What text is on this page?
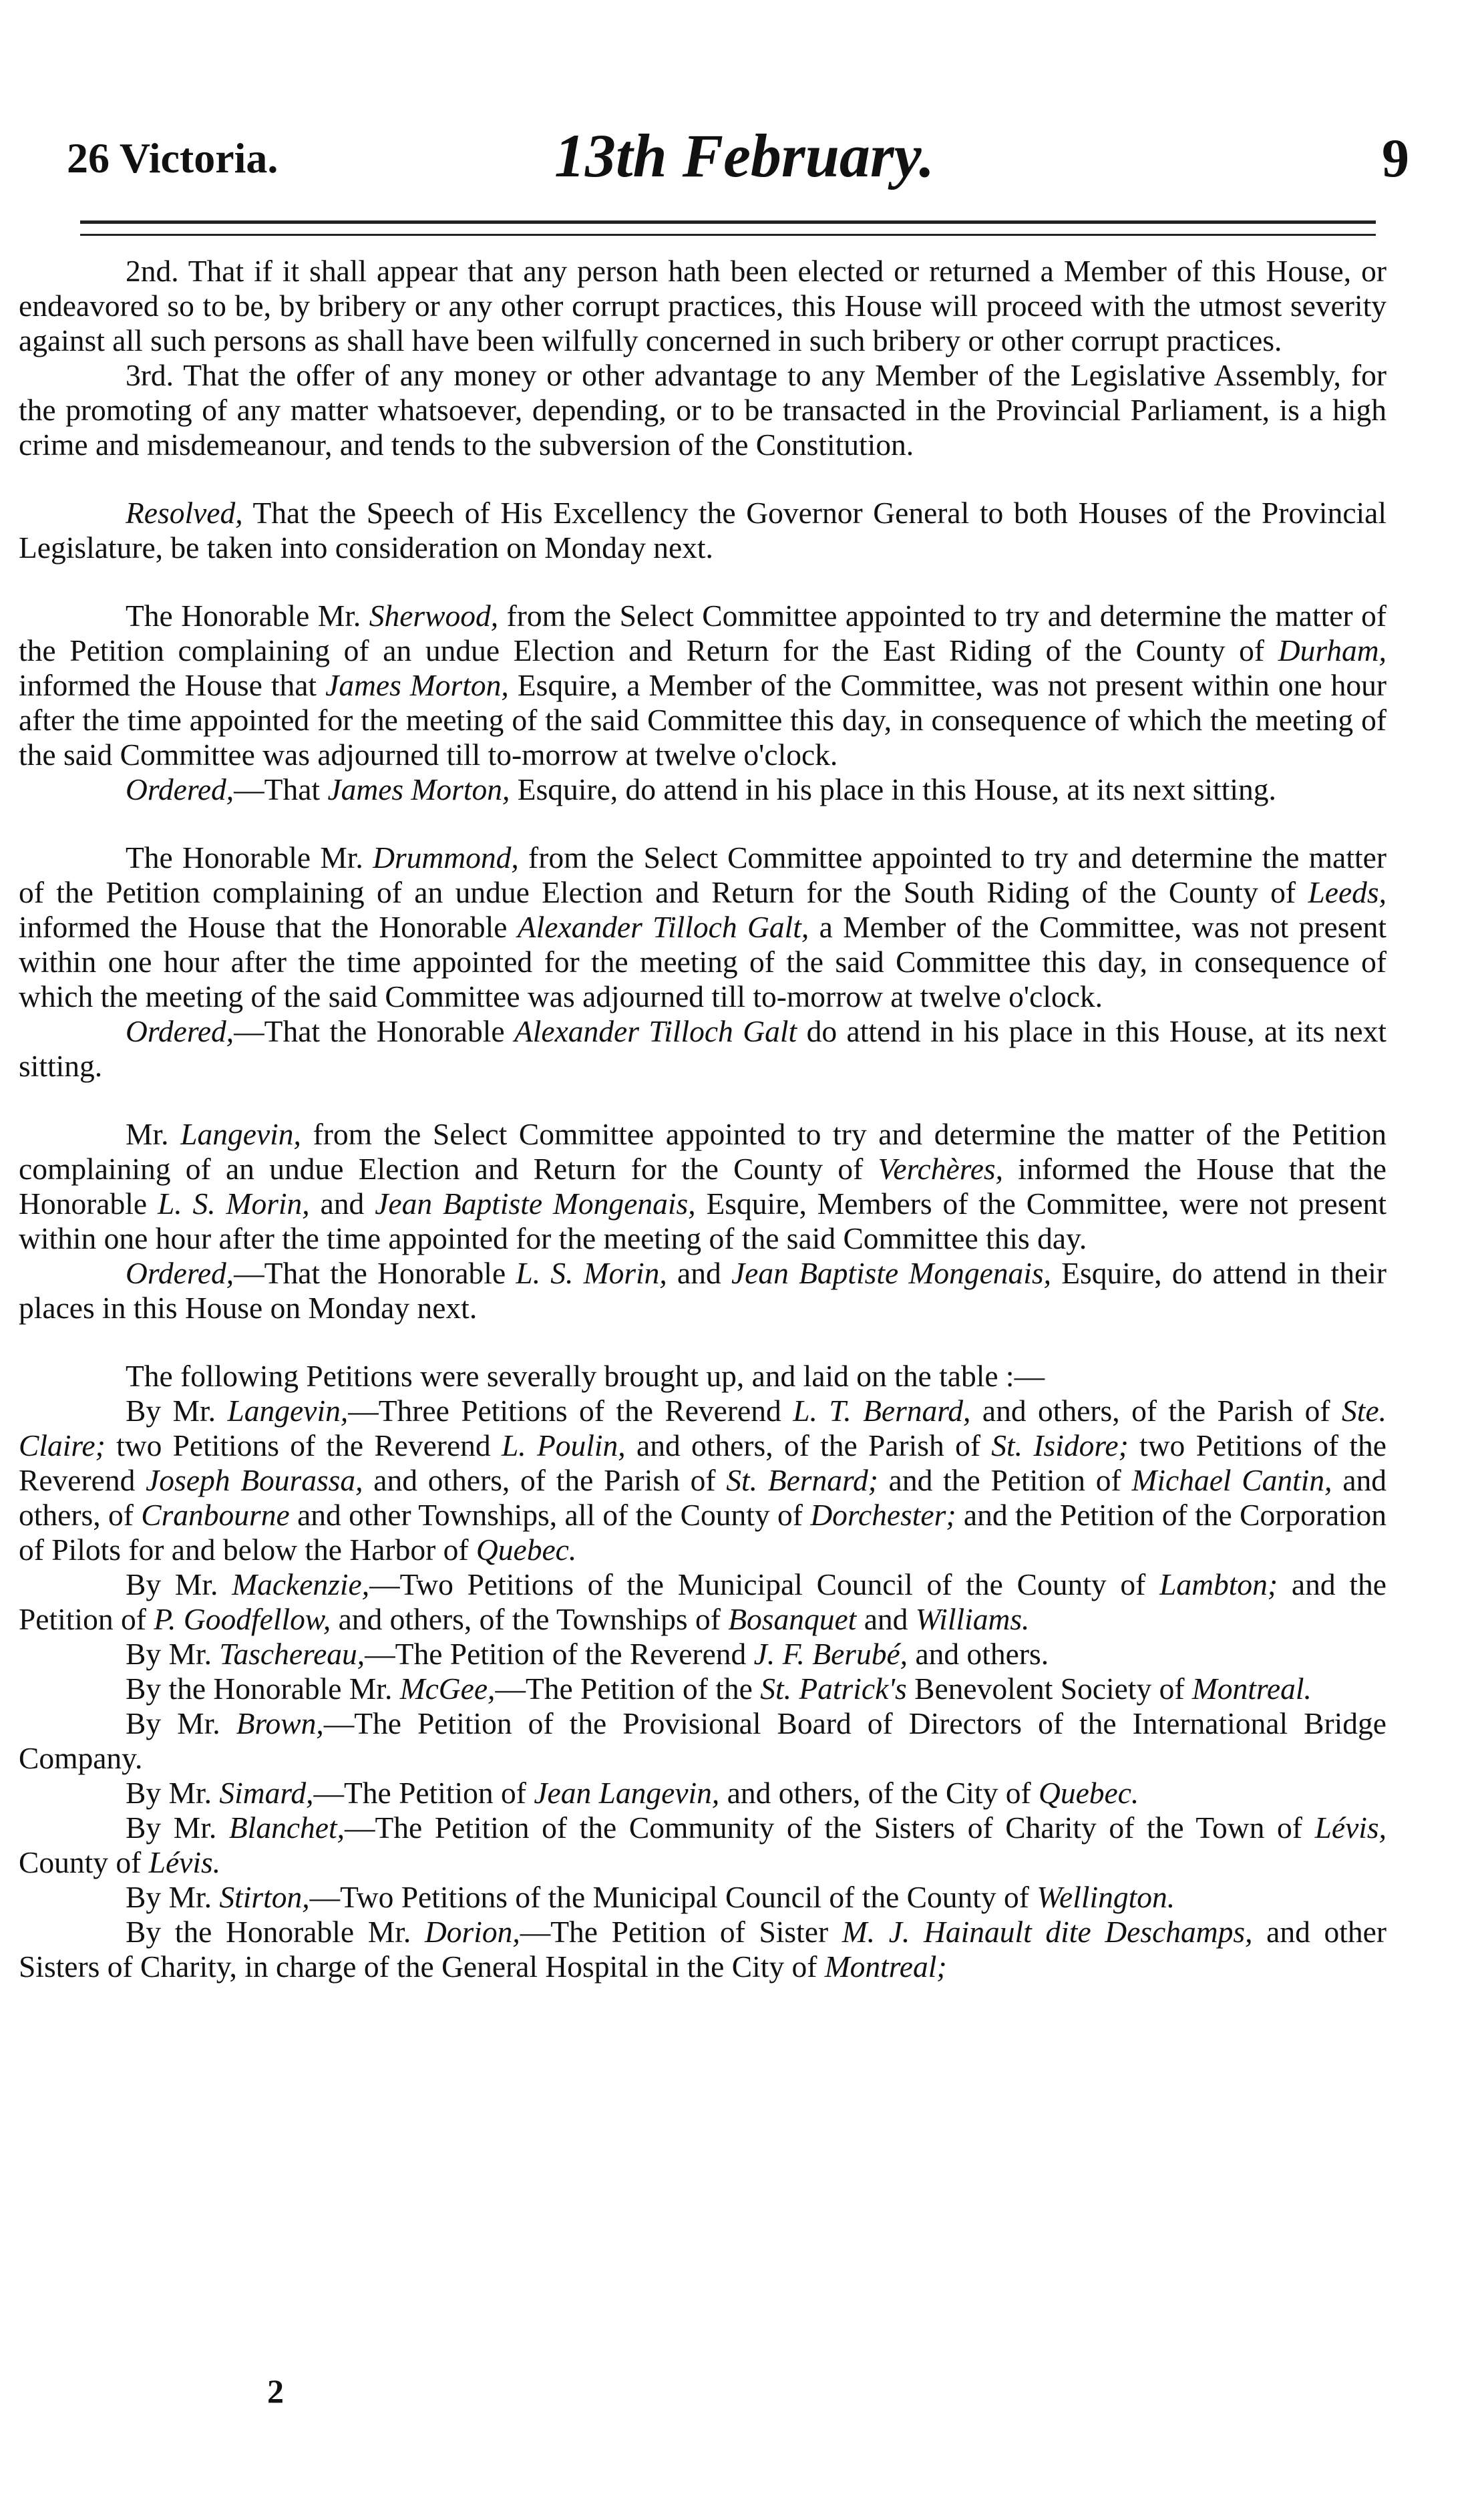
26 Victoria.	13th February.	9

2nd. That if it shall appear that any person hath been elected or returned a Member of this House, or endeavored so to be, by bribery or any other corrupt practices, this House will proceed with the utmost severity against all such persons as shall have been wilfully concerned in such bribery or other corrupt practices.

3rd. That the offer of any money or other advantage to any Member of the Legislative Assembly, for the promoting of any matter whatsoever, depending, or to be transacted in the Provincial Parliament, is a high crime and misdemeanour, and tends to the subversion of the Constitution.

Resolved, That the Speech of His Excellency the Governor General to both Houses of the Provincial Legislature, be taken into consideration on Monday next.

The Honorable Mr. Sherwood, from the Select Committee appointed to try and determine the matter of the Petition complaining of an undue Election and Return for the East Riding of the County of Durham, informed the House that James Morton, Esquire, a Member of the Committee, was not present within one hour after the time appointed for the meeting of the said Committee this day, in consequence of which the meeting of the said Committee was adjourned till to-morrow at twelve o'clock.

Ordered,—That James Morton, Esquire, do attend in his place in this House, at its next sitting.

The Honorable Mr. Drummond, from the Select Committee appointed to try and determine the matter of the Petition complaining of an undue Election and Return for the South Riding of the County of Leeds, informed the House that the Honorable Alexander Tilloch Galt, a Member of the Committee, was not present within one hour after the time appointed for the meeting of the said Committee this day, in consequence of which the meeting of the said Committee was adjourned till to-morrow at twelve o'clock.

Ordered,—That the Honorable Alexander Tilloch Galt do attend in his place in this House, at its next sitting.

Mr. Langevin, from the Select Committee appointed to try and determine the matter of the Petition complaining of an undue Election and Return for the County of Verchères, informed the House that the Honorable L. S. Morin, and Jean Baptiste Mongenais, Esquire, Members of the Committee, were not present within one hour after the time appointed for the meeting of the said Committee this day.

Ordered,—That the Honorable L. S. Morin, and Jean Baptiste Mongenais, Esquire, do attend in their places in this House on Monday next.

The following Petitions were severally brought up, and laid on the table :—

By Mr. Langevin,—Three Petitions of the Reverend L. T. Bernard, and others, of the Parish of Ste. Claire; two Petitions of the Reverend L. Poulin, and others, of the Parish of St. Isidore; two Petitions of the Reverend Joseph Bourassa, and others, of the Parish of St. Bernard; and the Petition of Michael Cantin, and others, of Cranbourne and other Townships, all of the County of Dorchester; and the Petition of the Corporation of Pilots for and below the Harbor of Quebec.

By Mr. Mackenzie,—Two Petitions of the Municipal Council of the County of Lambton; and the Petition of P. Goodfellow, and others, of the Townships of Bosanquet and Williams.

By Mr. Taschereau,—The Petition of the Reverend J. F. Berubé, and others.

By the Honorable Mr. McGee,—The Petition of the St. Patrick's Benevolent Society of Montreal.

By Mr. Brown,—The Petition of the Provisional Board of Directors of the International Bridge Company.

By Mr. Simard,—The Petition of Jean Langevin, and others, of the City of Quebec.

By Mr. Blanchet,—The Petition of the Community of the Sisters of Charity of the Town of Lévis, County of Lévis.

By Mr. Stirton,—Two Petitions of the Municipal Council of the County of Wellington.

By the Honorable Mr. Dorion,—The Petition of Sister M. J. Hainault dite Deschamps, and other Sisters of Charity, in charge of the General Hospital in the City of Montreal;

2
